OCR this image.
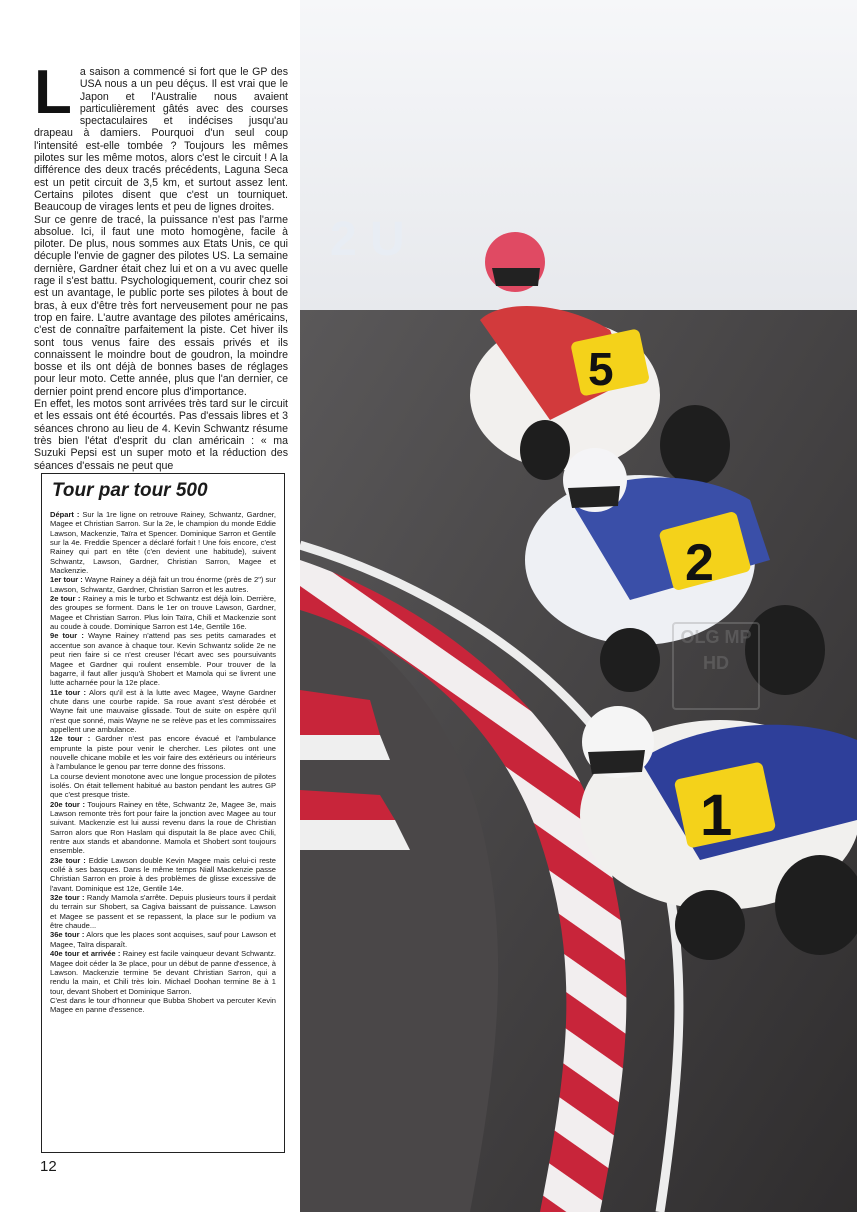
La saison a commencé si fort que le GP des USA nous a un peu déçus. Il est vrai que le Japon et l'Australie nous avaient particulièrement gâtés avec des courses spectaculaires et indécises jusqu'au drapeau à damiers. Pourquoi d'un seul coup l'intensité est-elle tombée ? Toujours les mêmes pilotes sur les même motos, alors c'est le circuit ! A la différence des deux tracés précédents, Laguna Seca est un petit circuit de 3,5 km, et surtout assez lent. Certains pilotes disent que c'est un tourniquet. Beaucoup de virages lents et peu de lignes droites.

Sur ce genre de tracé, la puissance n'est pas l'arme absolue. Ici, il faut une moto homogène, facile à piloter. De plus, nous sommes aux Etats Unis, ce qui décuple l'envie de gagner des pilotes US. La semaine dernière, Gardner était chez lui et on a vu avec quelle rage il s'est battu. Psychologiquement, courir chez soi est un avantage, le public porte ses pilotes à bout de bras, à eux d'être très fort nerveusement pour ne pas trop en faire. L'autre avantage des pilotes américains, c'est de connaître parfaitement la piste. Cet hiver ils sont tous venus faire des essais privés et ils connaissent le moindre bout de goudron, la moindre bosse et ils ont déjà de bonnes bases de réglages pour leur moto. Cette année, plus que l'an dernier, ce dernier point prend encore plus d'importance.

En effet, les motos sont arrivées très tard sur le circuit et les essais ont été écourtés. Pas d'essais libres et 3 séances chrono au lieu de 4. Kevin Schwantz résume très bien l'état d'esprit du clan américain : « ma Suzuki Pepsi est un super moto et la réduction des séances d'essais ne peut que

Tour par tour 500

Départ : Sur la 1re ligne on retrouve Rainey, Schwantz, Gardner, Magee et Christian Sarron. Sur la 2e, le champion du monde Eddie Lawson, Mackenzie, Taïra et Spencer. Dominique Sarron et Gentile sur la 4e. Freddie Spencer a déclaré forfait ! Une fois encore, c'est Rainey qui part en tête (c'en devient une habitude), suivent Schwantz, Lawson, Gardner, Christian Sarron, Magee et Mackenzie.

1er tour : Wayne Rainey a déjà fait un trou énorme (près de 2") sur Lawson, Schwantz, Gardner, Christian Sarron et les autres.

2e tour : Rainey a mis le turbo et Schwantz est déjà loin. Derrière, des groupes se forment. Dans le 1er on trouve Lawson, Gardner, Magee et Christian Sarron. Plus loin Taïra, Chili et Mackenzie sont au coude à coude. Dominique Sarron est 14e, Gentile 16e.

9e tour : Wayne Rainey n'attend pas ses petits camarades et accentue son avance à chaque tour. Kevin Schwantz solide 2e ne peut rien faire si ce n'est creuser l'écart avec ses poursuivants Magee et Gardner qui roulent ensemble. Pour trouver de la bagarre, il faut aller jusqu'à Shobert et Mamola qui se livrent une lutte acharnée pour la 12e place.

11e tour : Alors qu'il est à la lutte avec Magee, Wayne Gardner chute dans une courbe rapide. Sa roue avant s'est dérobée et Wayne fait une mauvaise glissade. Tout de suite on espère qu'il n'est que sonné, mais Wayne ne se relève pas et les commissaires appellent une ambulance.

12e tour : Gardner n'est pas encore évacué et l'ambulance emprunte la piste pour venir le chercher. Les pilotes ont une nouvelle chicane mobile et les voir faire des extérieurs ou intérieurs à l'ambulance le genou par terre donne des frissons.

La course devient monotone avec une longue procession de pilotes isolés. On était tellement habitué au baston pendant les autres GP que c'est presque triste.

20e tour : Toujours Rainey en tête, Schwantz 2e, Magee 3e, mais Lawson remonte très fort pour faire la jonction avec Magee au tour suivant. Mackenzie est lui aussi revenu dans la roue de Christian Sarron alors que Ron Haslam qui disputait la 8e place avec Chili, rentre aux stands et abandonne. Mamola et Shobert sont toujours ensemble.

23e tour : Eddie Lawson double Kevin Magee mais celui-ci reste collé à ses basques. Dans le même temps Niall Mackenzie passe Christian Sarron en proie à des problèmes de glisse excessive de l'avant. Dominique est 12e, Gentile 14e.

32e tour : Randy Mamola s'arrête. Depuis plusieurs tours il perdait du terrain sur Shobert, sa Cagiva baissant de puissance. Lawson et Magee se passent et se repassent, la place sur le podium va être chaude...

36e tour : Alors que les places sont acquises, sauf pour Lawson et Magee, Taïra disparaît.

40e tour et arrivée : Rainey est facile vainqueur devant Schwantz. Magee doit céder la 3e place, pour un début de panne d'essence, à Lawson. Mackenzie termine 5e devant Christian Sarron, qui a rendu la main, et Chili très loin. Michael Doohan termine 8e à 1 tour, devant Shobert et Dominique Sarron.

C'est dans le tour d'honneur que Bubba Shobert va percuter Kevin Magee en panne d'essence.

12
2 U
5
2
1
OLG MP HD
